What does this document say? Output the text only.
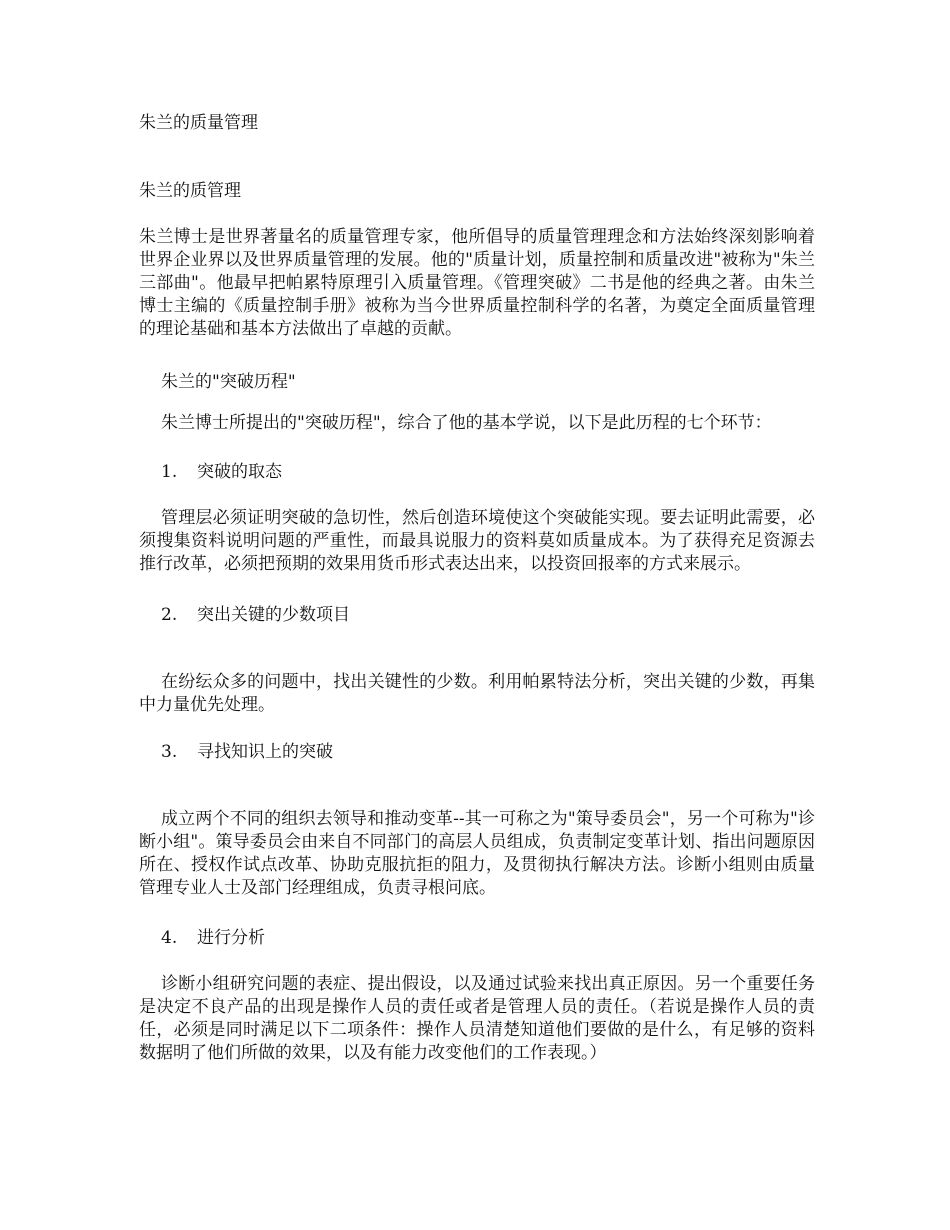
朱兰的质量管理
朱兰的质管理
朱兰博士是世界著量名的质量管理专家，他所倡导的质量管理理念和方法始终深刻影响着世界企业界以及世界质量管理的发展。他的"质量计划，质量控制和质量改进"被称为"朱兰三部曲"。他最早把帕累特原理引入质量管理。《管理突破》二书是他的经典之著。由朱兰博士主编的《质量控制手册》被称为当今世界质量控制科学的名著，为奠定全面质量管理的理论基础和基本方法做出了卓越的贡献。
朱兰的"突破历程"
朱兰博士所提出的"突破历程"，综合了他的基本学说，以下是此历程的七个环节：
1. 突破的取态
管理层必须证明突破的急切性，然后创造环境使这个突破能实现。要去证明此需要，必须搜集资料说明问题的严重性，而最具说服力的资料莫如质量成本。为了获得充足资源去推行改革，必须把预期的效果用货币形式表达出来，以投资回报率的方式来展示。
2. 突出关键的少数项目
在纷纭众多的问题中，找出关键性的少数。利用帕累特法分析，突出关键的少数，再集中力量优先处理。
3. 寻找知识上的突破
成立两个不同的组织去领导和推动变革--其一可称之为"策导委员会"，另一个可称为"诊断小组"。策导委员会由来自不同部门的高层人员组成，负责制定变革计划、指出问题原因所在、授权作试点改革、协助克服抗拒的阻力，及贯彻执行解决方法。诊断小组则由质量管理专业人士及部门经理组成，负责寻根问底。
4. 进行分析
诊断小组研究问题的表症、提出假设，以及通过试验来找出真正原因。另一个重要任务是决定不良产品的出现是操作人员的责任或者是管理人员的责任。（若说是操作人员的责任，必须是同时满足以下二项条件：操作人员清楚知道他们要做的是什么，有足够的资料数据明了他们所做的效果，以及有能力改变他们的工作表现。）
